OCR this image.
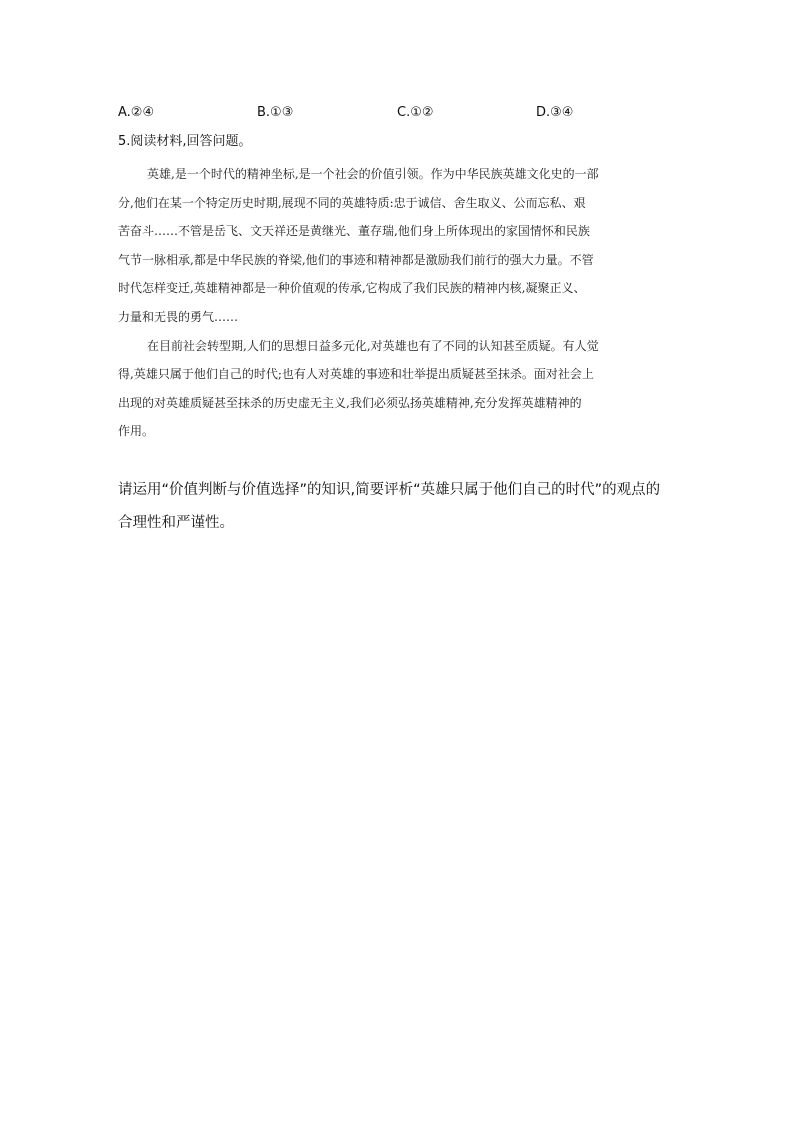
A.②④	B.①③	C.①②	D.③④
5.阅读材料,回答问题。
英雄,是一个时代的精神坐标,是一个社会的价值引领。作为中华民族英雄文化史的一部
分,他们在某一个特定历史时期,展现不同的英雄特质:忠于诚信、舍生取义、公而忘私、艰
苦奋斗……不管是岳飞、文天祥还是黄继光、董存瑞,他们身上所体现出的家国情怀和民族
气节一脉相承,都是中华民族的脊梁,他们的事迹和精神都是激励我们前行的强大力量。不管
时代怎样变迁,英雄精神都是一种价值观的传承,它构成了我们民族的精神内核,凝聚正义、
力量和无畏的勇气……
在目前社会转型期,人们的思想日益多元化,对英雄也有了不同的认知甚至质疑。有人觉
得,英雄只属于他们自己的时代;也有人对英雄的事迹和壮举提出质疑甚至抹杀。面对社会上
出现的对英雄质疑甚至抹杀的历史虚无主义,我们必须弘扬英雄精神,充分发挥英雄精神的
作用。
请运用“价值判断与价值选择”的知识,简要评析“英雄只属于他们自己的时代”的观点的
合理性和严谨性。
